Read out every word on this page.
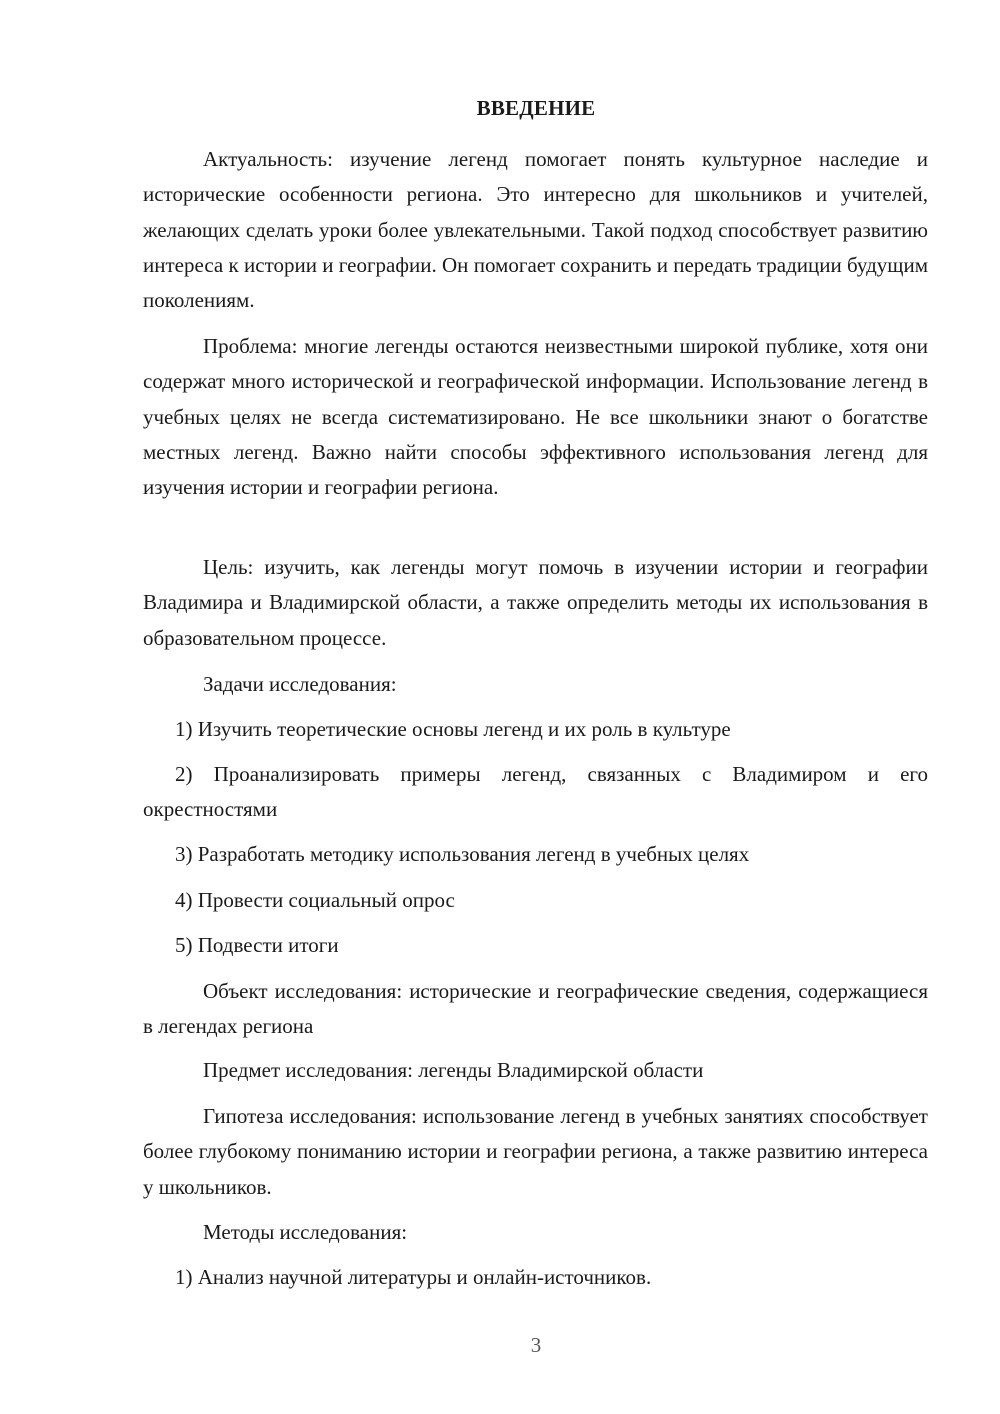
ВВЕДЕНИЕ

Актуальность: изучение легенд помогает понять культурное наследие и исторические особенности региона. Это интересно для школьников и учителей, желающих сделать уроки более увлекательными. Такой подход способствует развитию интереса к истории и географии. Он помогает сохранить и передать традиции будущим поколениям.

Проблема: многие легенды остаются неизвестными широкой публике, хотя они содержат много исторической и географической информации. Использование легенд в учебных целях не всегда систематизировано. Не все школьники знают о богатстве местных легенд. Важно найти способы эффективного использования легенд для изучения истории и географии региона.

Цель: изучить, как легенды могут помочь в изучении истории и географии Владимира и Владимирской области, а также определить методы их использования в образовательном процессе.

Задачи исследования:

1) Изучить теоретические основы легенд и их роль в культуре

2) Проанализировать примеры легенд, связанных с Владимиром и его окрестностями

3) Разработать методику использования легенд в учебных целях

4) Провести социальный опрос

5) Подвести итоги

Объект исследования: исторические и географические сведения, содержащиеся в легендах региона

Предмет исследования: легенды Владимирской области

Гипотеза исследования: использование легенд в учебных занятиях способствует более глубокому пониманию истории и географии региона, а также развитию интереса у школьников.

Методы исследования:

1) Анализ научной литературы и онлайн-источников.

3
